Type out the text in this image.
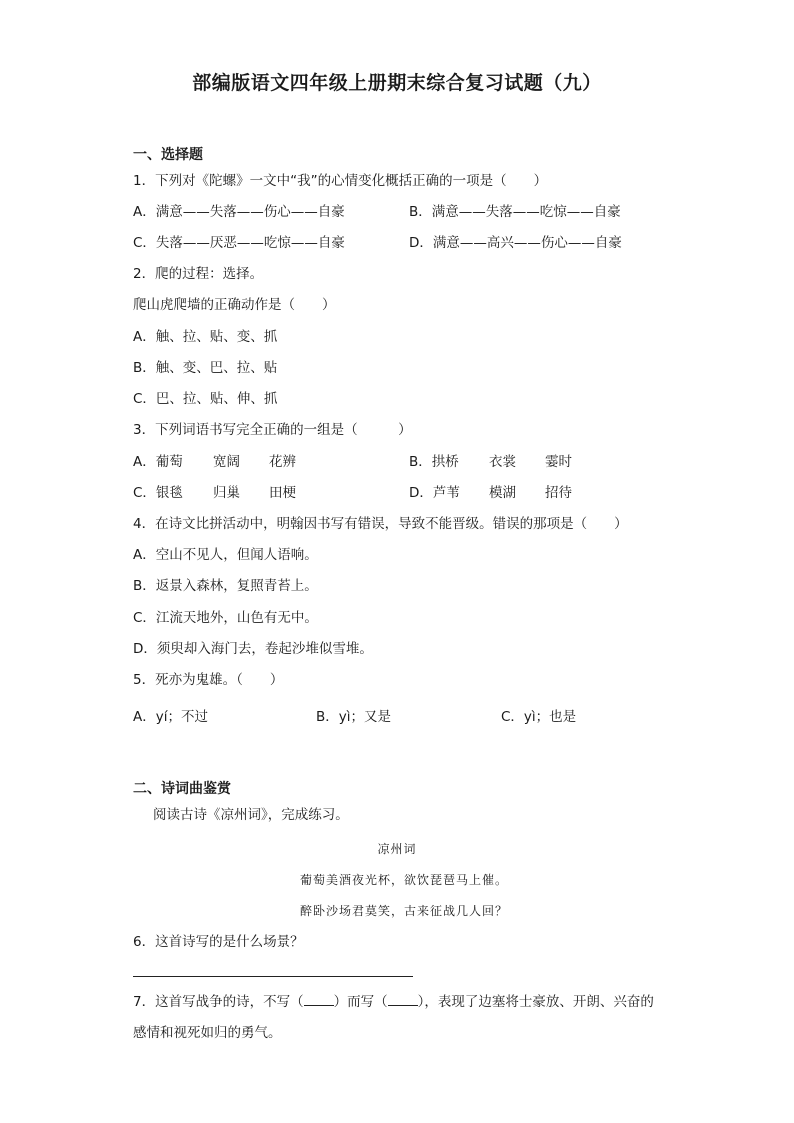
部编版语文四年级上册期末综合复习试题（九）
一、选择题
1．下列对《陀螺》一文中“我”的心情变化概括正确的一项是（　　）
A．满意——失落——伤心——自豪	B．满意——失落——吃惊——自豪
C．失落——厌恶——吃惊——自豪	D．满意——高兴——伤心——自豪
2．爬的过程：选择。
爬山虎爬墙的正确动作是（　　）
A．触、拉、贴、变、抓
B．触、变、巴、拉、贴
C．巴、拉、贴、伸、抓
3．下列词语书写完全正确的一组是（　　　）
A．葡萄 宽阔 花辨	B．拱桥 衣裳 霎时
C．银毯 归巢 田梗	D．芦苇 模湖 招待
4．在诗文比拼活动中，明翰因书写有错误，导致不能晋级。错误的那项是（　　）
A．空山不见人，但闻人语响。
B．返景入森林，复照青苔上。
C．江流天地外，山色有无中。
D．须臾却入海门去，卷起沙堆似雪堆。
5．死亦为鬼雄。（　　）
A．yí；不过	B．yì；又是	C．yì；也是
二、诗词曲鉴赏
阅读古诗《凉州词》，完成练习。
凉州词
葡萄美酒夜光杯，欲饮琵琶马上催。
醉卧沙场君莫笑，古来征战几人回？
6．这首诗写的是什么场景？
7．这首写战争的诗，不写（ ）而写（ ），表现了边塞将士豪放、开朗、兴奋的
感情和视死如归的勇气。
